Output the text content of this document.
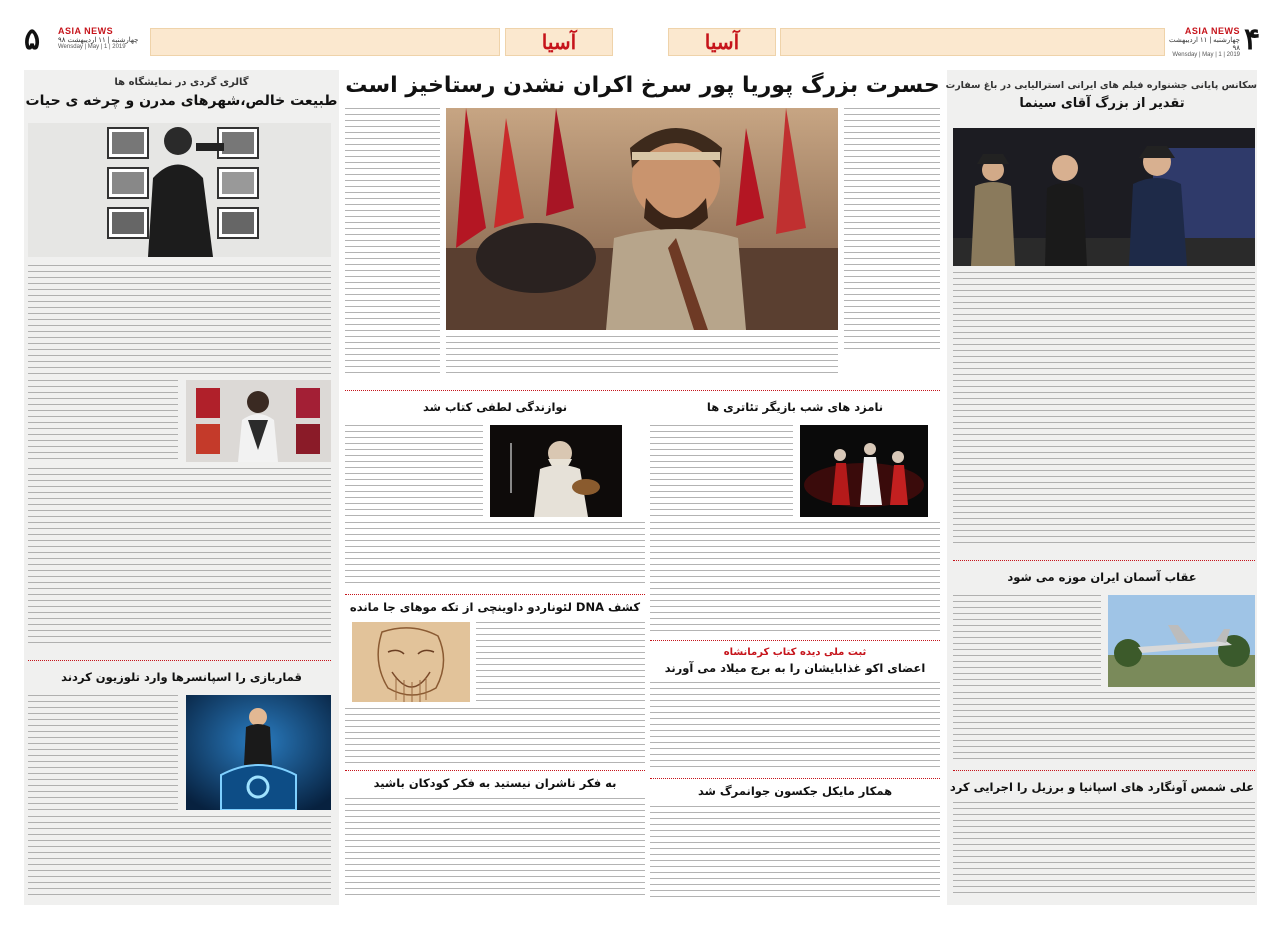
۵ ASIA NEWS
چهارشنبه | ۱۱ اردیبهشت ۹۸
Wensday | May | 1 | 2019	آسیا	آسیا	ASIA NEWS
چهارشنبه | ۱۱ اردیبهشت ۹۸
Wensday | May | 1 | 2019 ۴
گالری گردی در نمایشگاه ها
طبیعت خالص،شهرهای مدرن و چرخه ی حیات
قماربازی را اسپانسرها وارد تلوزیون کردند
حسرت بزرگ پوریا پور سرخ اکران نشدن رستاخیز است
نوازندگی لطفی کتاب شد
کشف DNA لئوناردو داوینچی از تکه موهای جا مانده
به فکر ناشران نیستید به فکر کودکان باشید
نامزد های شب بازیگر تئاتری ها
ثبت ملی دیده کتاب کرمانشاه
اعضای اکو غذابایشان را به برج میلاد می آورند
همکار مایکل جکسون جوانمرگ شد
سکانس پایانی جشنواره فیلم های ایرانی استرالیایی در باغ سفارت
تقدیر از بزرگ آقای سینما
عقاب آسمان ایران موزه می شود
علی شمس آونگارد های اسپانیا و برزیل را اجرایی کرد
